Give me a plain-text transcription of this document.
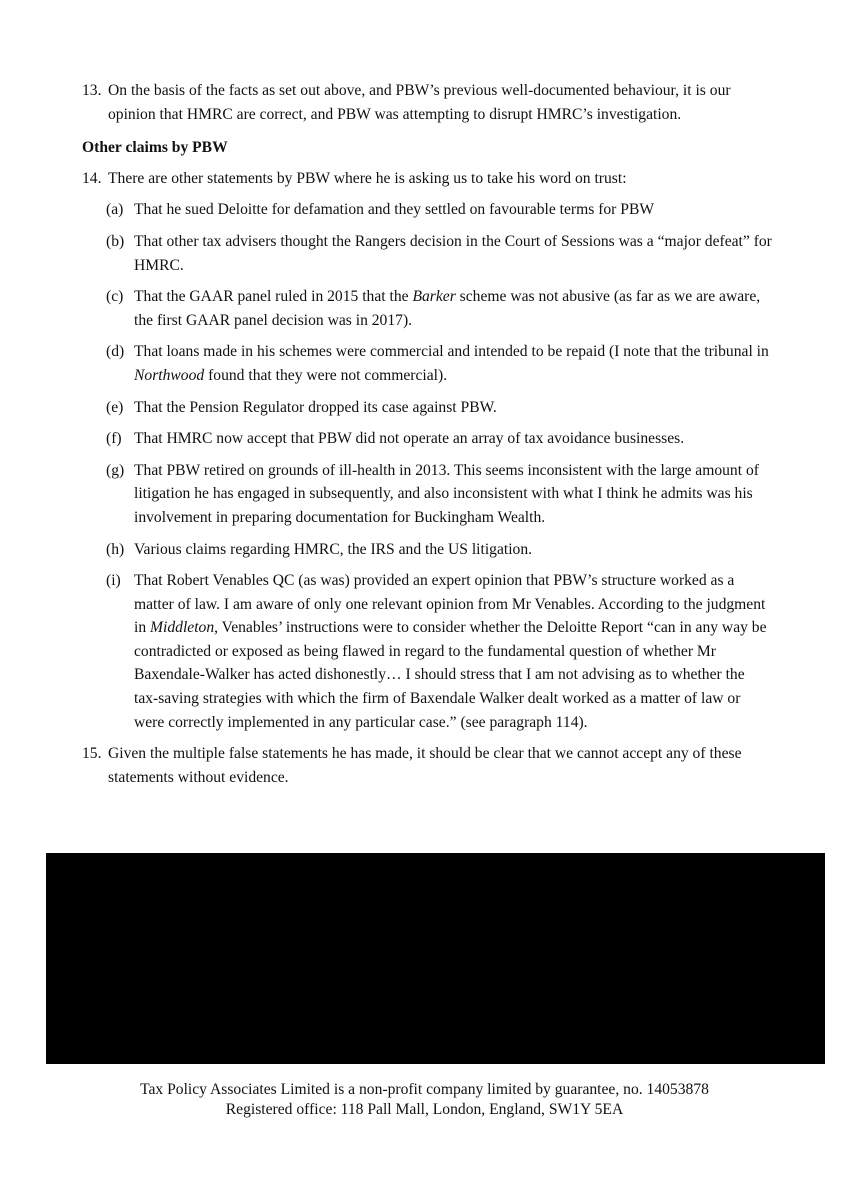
13. On the basis of the facts as set out above, and PBW’s previous well-documented behaviour, it is our opinion that HMRC are correct, and PBW was attempting to disrupt HMRC’s investigation.

Other claims by PBW

14. There are other statements by PBW where he is asking us to take his word on trust:

(a) That he sued Deloitte for defamation and they settled on favourable terms for PBW

(b) That other tax advisers thought the Rangers decision in the Court of Sessions was a “major defeat” for HMRC.

(c) That the GAAR panel ruled in 2015 that the Barker scheme was not abusive (as far as we are aware, the first GAAR panel decision was in 2017).

(d) That loans made in his schemes were commercial and intended to be repaid (I note that the tribunal in Northwood found that they were not commercial).

(e) That the Pension Regulator dropped its case against PBW.

(f) That HMRC now accept that PBW did not operate an array of tax avoidance businesses.

(g) That PBW retired on grounds of ill-health in 2013. This seems inconsistent with the large amount of litigation he has engaged in subsequently, and also inconsistent with what I think he admits was his involvement in preparing documentation for Buckingham Wealth.

(h) Various claims regarding HMRC, the IRS and the US litigation.

(i) That Robert Venables QC (as was) provided an expert opinion that PBW’s structure worked as a matter of law. I am aware of only one relevant opinion from Mr Venables. According to the judgment in Middleton, Venables’ instructions were to consider whether the Deloitte Report “can in any way be contradicted or exposed as being flawed in regard to the fundamental question of whether Mr Baxendale-Walker has acted dishonestly… I should stress that I am not advising as to whether the tax-saving strategies with which the firm of Baxendale Walker dealt worked as a matter of law or were correctly implemented in any particular case.” (see paragraph 114).

15. Given the multiple false statements he has made, it should be clear that we cannot accept any of these statements without evidence.

Tax Policy Associates Limited is a non-profit company limited by guarantee, no. 14053878
Registered office: 118 Pall Mall, London, England, SW1Y 5EA
